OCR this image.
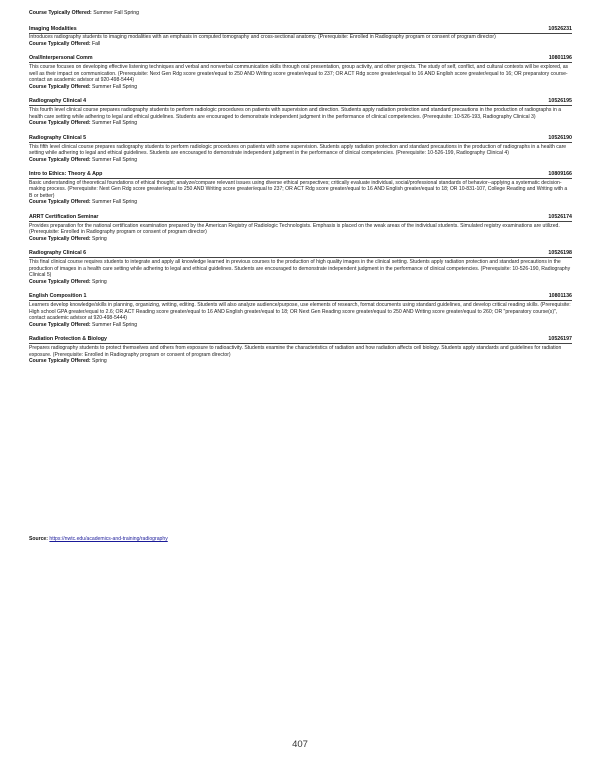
Course Typically Offered: Summer Fall Spring
Imaging Modalities	10526231
Introduces radiography students to imaging modalities with an emphasis in computed tomography and cross-sectional anatomy. (Prerequisite: Enrolled in Radiography program or consent of program director)
Course Typically Offered: Fall
Oral/Interpersonal Comm	10801196
This course focuses on developing effective listening techniques and verbal and nonverbal communication skills through oral presentation, group activity, and other projects. The study of self, conflict, and cultural contexts will be explored, as well as their impact on communication. (Prerequisite: Next Gen Rdg score greater/equal to 250 AND Writing score greater/equal to 237; OR ACT Rdg score greater/equal to 16 AND English score greater/equal to 16; OR preparatory course-contact an academic advisor at 920-498-5444)
Course Typically Offered: Summer Fall Spring
Radiography Clinical 4	10526195
This fourth level clinical course prepares radiography students to perform radiologic procedures on patients with supervision and direction. Students apply radiation protection and standard precautions in the production of radiographs in a health care setting while adhering to legal and ethical guidelines. Students are encouraged to demonstrate independent judgment in the performance of clinical competencies. (Prerequisite: 10-526-193, Radiography Clinical 3)
Course Typically Offered: Summer Fall Spring
Radiography Clinical 5	10526190
This fifth level clinical course prepares radiography students to perform radiologic procedures on patients with some supervision. Students apply radiation protection and standard precautions in the production of radiographs in a health care setting while adhering to legal and ethical guidelines. Students are encouraged to demonstrate independent judgment in the performance of clinical competencies. (Prerequisite: 10-526-199, Radiography Clinical 4)
Course Typically Offered: Summer Fall Spring
Intro to Ethics: Theory & App	10809166
Basic understanding of theoretical foundations of ethical thought; analyze/compare relevant issues using diverse ethical perspectives; critically evaluate individual, social/professional standards of behavior--applying a systematic decision-making process. (Prerequisite: Next Gen Rdg score greater/equal to 250 AND Writing score greater/equal to 237; OR ACT Rdg score greater/equal to 16 AND English greater/equal to 18; OR 10-831-107, College Reading and Writing with a B or better)
Course Typically Offered: Summer Fall Spring
ARRT Certification Seminar	10526174
Provides preparation for the national certification examination prepared by the American Registry of Radiologic Technologists. Emphasis is placed on the weak areas of the individual students. Simulated registry examinations are utilized. (Prerequisite: Enrolled in Radiography program or consent of program director)
Course Typically Offered: Spring
Radiography Clinical 6	10526198
This final clinical course requires students to integrate and apply all knowledge learned in previous courses to the production of high quality images in the clinical setting. Students apply radiation protection and standard precautions in the production of images in a health care setting while adhering to legal and ethical guidelines. Students are encouraged to demonstrate independent judgment in the performance of clinical competencies. (Prerequisite: 10-526-190, Radiography Clinical 5)
Course Typically Offered: Spring
English Composition 1	10801136
Learners develop knowledge/skills in planning, organizing, writing, editing. Students will also analyze audience/purpose, use elements of research, format documents using standard guidelines, and develop critical reading skills. (Prerequisite: High school GPA greater/equal to 2.6; OR ACT Reading score greater/equal to 16 AND English greater/equal to 18; OR Next Gen Reading score greater/equal to 250 AND Writing score greater/equal to 260; OR "preparatory course(s)", contact academic advisor at 920-498-5444)
Course Typically Offered: Summer Fall Spring
Radiation Protection & Biology	10526197
Prepares radiography students to protect themselves and others from exposure to radioactivity. Students examine the characteristics of radiation and how radiation affects cell biology. Students apply standards and guidelines for radiation exposure. (Prerequisite: Enrolled in Radiography program or consent of program director)
Course Typically Offered: Spring
Source: https://nwtc.edu/academics-and-training/radiography
407
